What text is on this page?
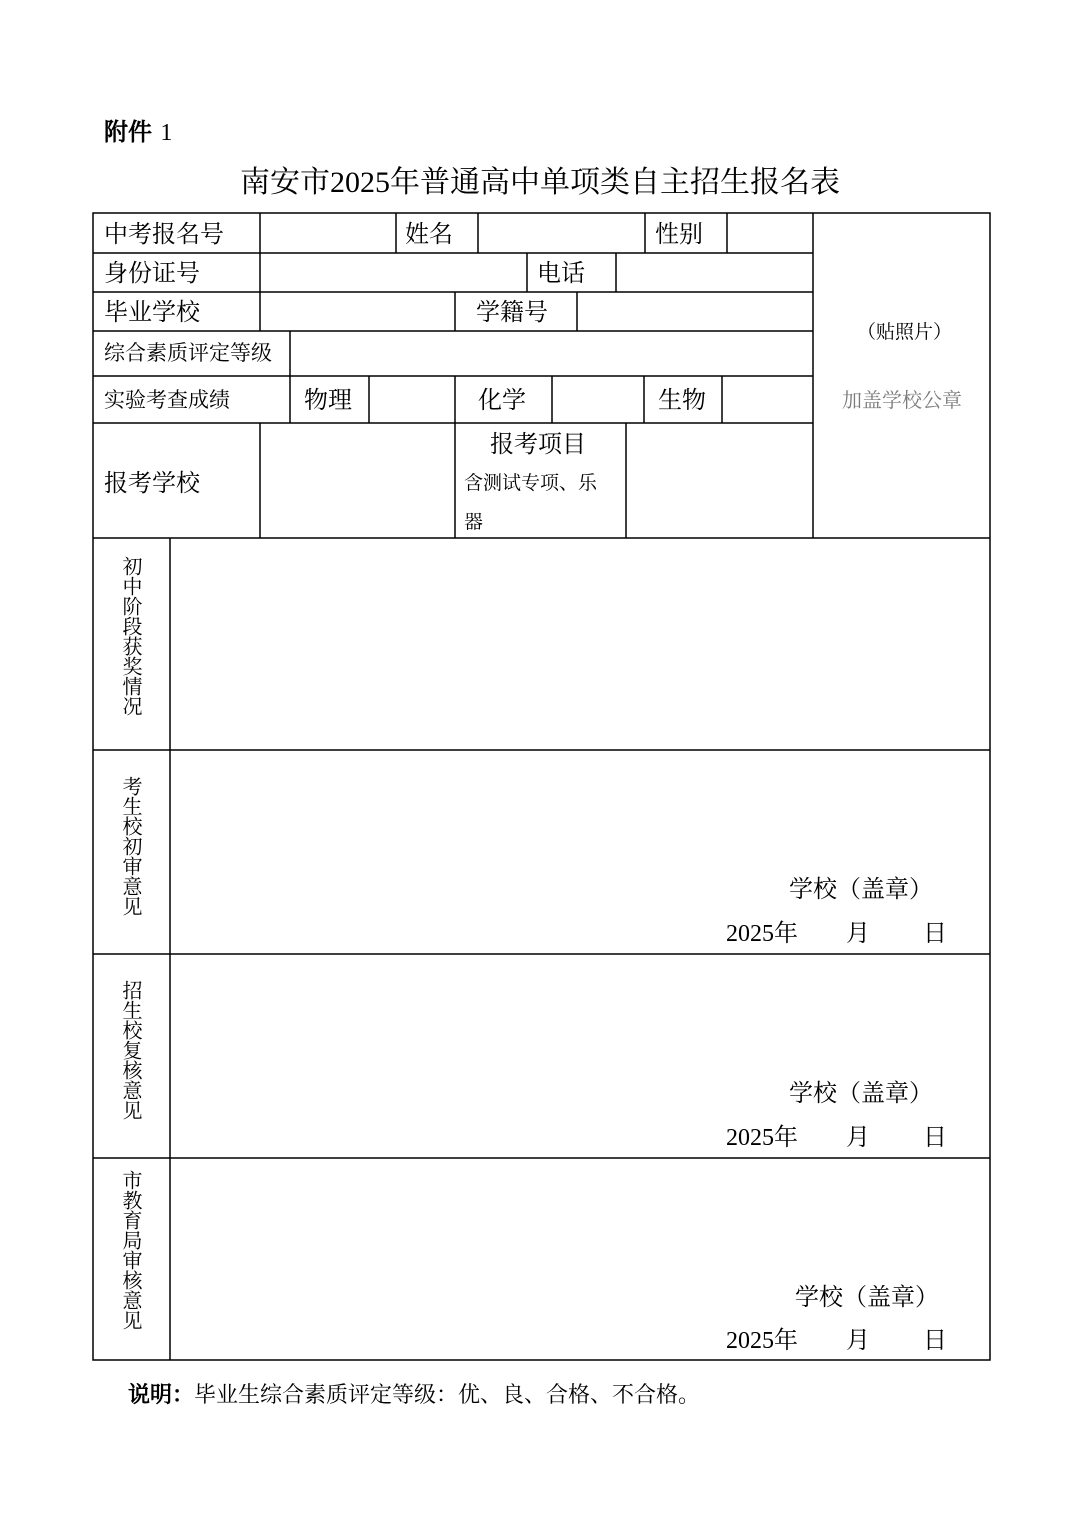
附件 1
南安市2025年普通高中单项类自主招生报名表
中考报名号	姓名	性别
身份证号	电话
毕业学校	学籍号
综合素质评定等级
实验考查成绩	物理	化学	生物
报考学校
报考项目
含测试专项、乐
器
（贴照片）
加盖学校公章
初中阶段获奖情况
考生校初审意见	学校（盖章）
2025年 月 日
招生校复核意见	学校（盖章）
2025年 月 日
市教育局审核意见	学校（盖章）
2025年 月 日
说明：毕业生综合素质评定等级：优、良、合格、不合格。
